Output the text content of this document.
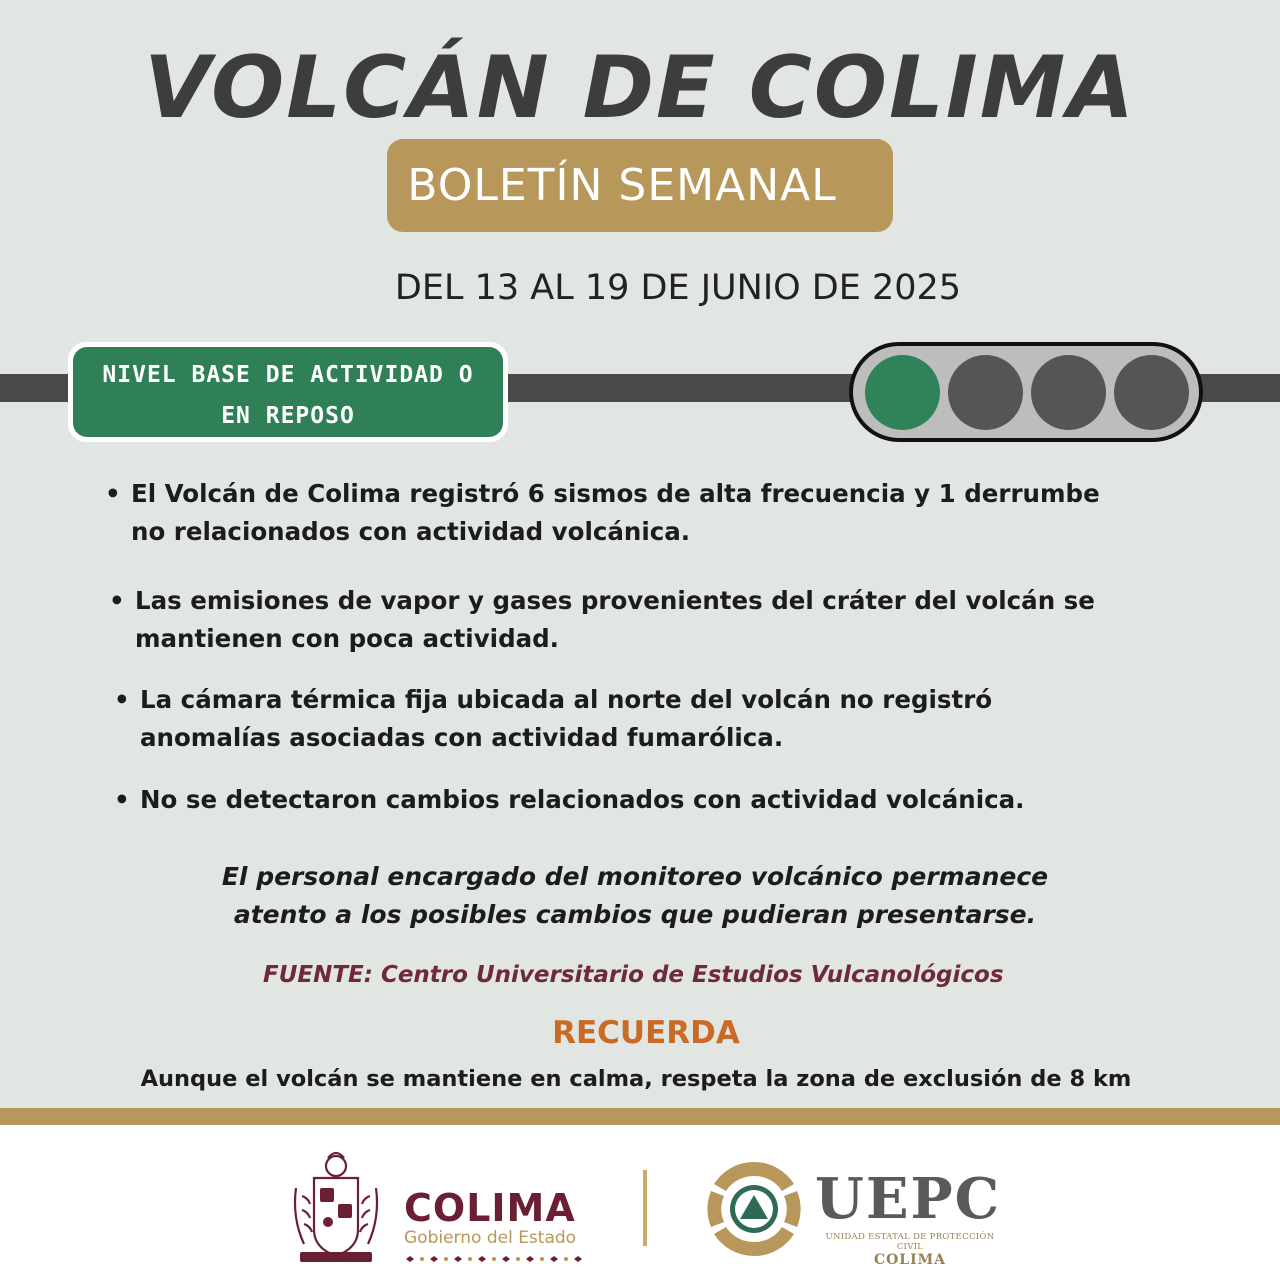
VOLCÁN DE COLIMA
BOLETÍN SEMANAL
DEL 13 AL 19 DE JUNIO DE 2025
NIVEL BASE DE ACTIVIDAD O
EN REPOSO
• El Volcán de Colima registró 6 sismos de alta frecuencia y 1 derrumbe
no relacionados con actividad volcánica.
• Las emisiones de vapor y gases provenientes del cráter del volcán se
mantienen con poca actividad.
• La cámara térmica fija ubicada al norte del volcán no registró
anomalías asociadas con actividad fumarólica.
• No se detectaron cambios relacionados con actividad volcánica.
El personal encargado del monitoreo volcánico permanece
atento a los posibles cambios que pudieran presentarse.
FUENTE: Centro Universitario de Estudios Vulcanológicos
RECUERDA
Aunque el volcán se mantiene en calma, respeta la zona de exclusión de 8 km
COLIMA
Gobierno del Estado
UEPC
UNIDAD ESTATAL DE PROTECCIÓN CIVIL
COLIMA
